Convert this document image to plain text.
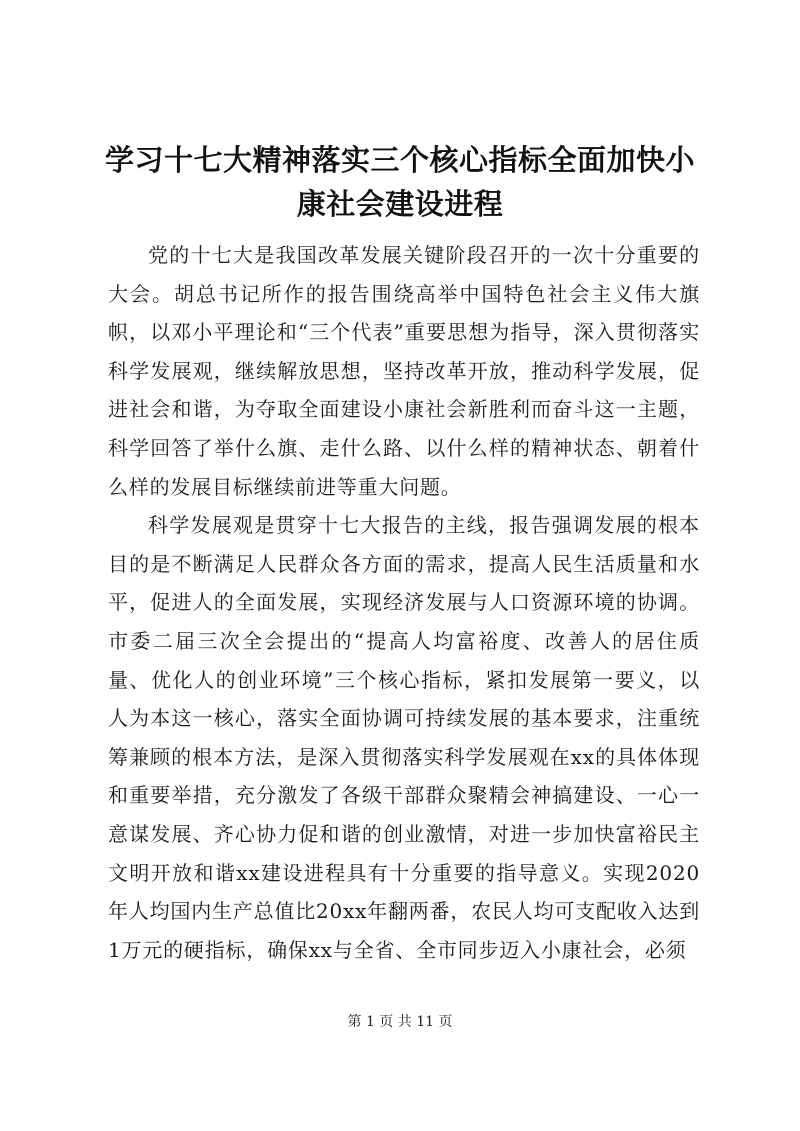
学习十七大精神落实三个核心指标全面加快小康社会建设进程

党的十七大是我国改革发展关键阶段召开的一次十分重要的大会。胡总书记所作的报告围绕高举中国特色社会主义伟大旗帜，以邓小平理论和“三个代表”重要思想为指导，深入贯彻落实科学发展观，继续解放思想，坚持改革开放，推动科学发展，促进社会和谐，为夺取全面建设小康社会新胜利而奋斗这一主题，科学回答了举什么旗、走什么路、以什么样的精神状态、朝着什么样的发展目标继续前进等重大问题。

科学发展观是贯穿十七大报告的主线，报告强调发展的根本目的是不断满足人民群众各方面的需求，提高人民生活质量和水平，促进人的全面发展，实现经济发展与人口资源环境的协调。市委二届三次全会提出的“提高人均富裕度、改善人的居住质量、优化人的创业环境”三个核心指标，紧扣发展第一要义，以人为本这一核心，落实全面协调可持续发展的基本要求，注重统筹兼顾的根本方法，是深入贯彻落实科学发展观在xx的具体体现和重要举措，充分激发了各级干部群众聚精会神搞建设、一心一意谋发展、齐心协力促和谐的创业激情，对进一步加快富裕民主文明开放和谐xx建设进程具有十分重要的指导意义。实现2020年人均国内生产总值比20xx年翻两番，农民人均可支配收入达到1万元的硬指标，确保xx与全省、全市同步迈入小康社会，必须

第 1 页 共 11 页
